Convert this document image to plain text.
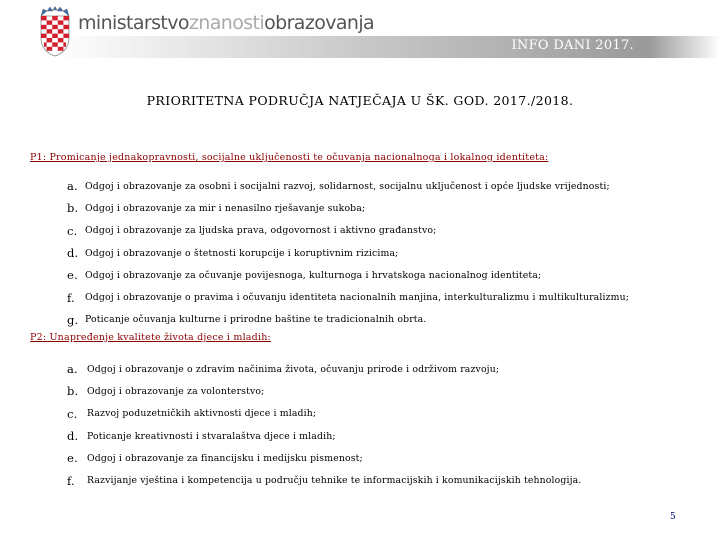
ministarstvoznanostiobrazovanja
INFO DANI 2017.
PRIORITETNA PODRUČJA NATJEČAJA U ŠK. GOD. 2017./2018.
P1: Promicanje jednakopravnosti, socijalne uključenosti te očuvanja nacionalnoga i lokalnog identiteta:
a. Odgoj i obrazovanje za osobni i socijalni razvoj, solidarnost, socijalnu uključenost i opće ljudske vrijednosti;
b. Odgoj i obrazovanje za mir i nenasilno rješavanje sukoba;
c. Odgoj i obrazovanje za ljudska prava, odgovornost i aktivno građanstvo;
d. Odgoj i obrazovanje o štetnosti korupcije i koruptivnim rizicima;
e. Odgoj i obrazovanje za očuvanje povijesnoga, kulturnoga i hrvatskoga nacionalnog identiteta;
f.	Odgoj i obrazovanje o pravima i očuvanju identiteta nacionalnih manjina, interkulturalizmu i multikulturalizmu;
g. Poticanje očuvanja kulturne i prirodne baštine te tradicionalnih obrta.
P2: Unapređenje kvalitete života djece i mladih:
a. Odgoj i obrazovanje o zdravim načinima života, očuvanju prirode i održivom razvoju;
b. Odgoj i obrazovanje za volonterstvo;
c.	Razvoj poduzetničkih aktivnosti djece i mladih;
d. Poticanje kreativnosti i stvaralaštva djece i mladih;
e. Odgoj i obrazovanje za financijsku i medijsku pismenost;
f.	Razvijanje vještina i kompetencija u području tehnike te informacijskih i komunikacijskih tehnologija.
5
